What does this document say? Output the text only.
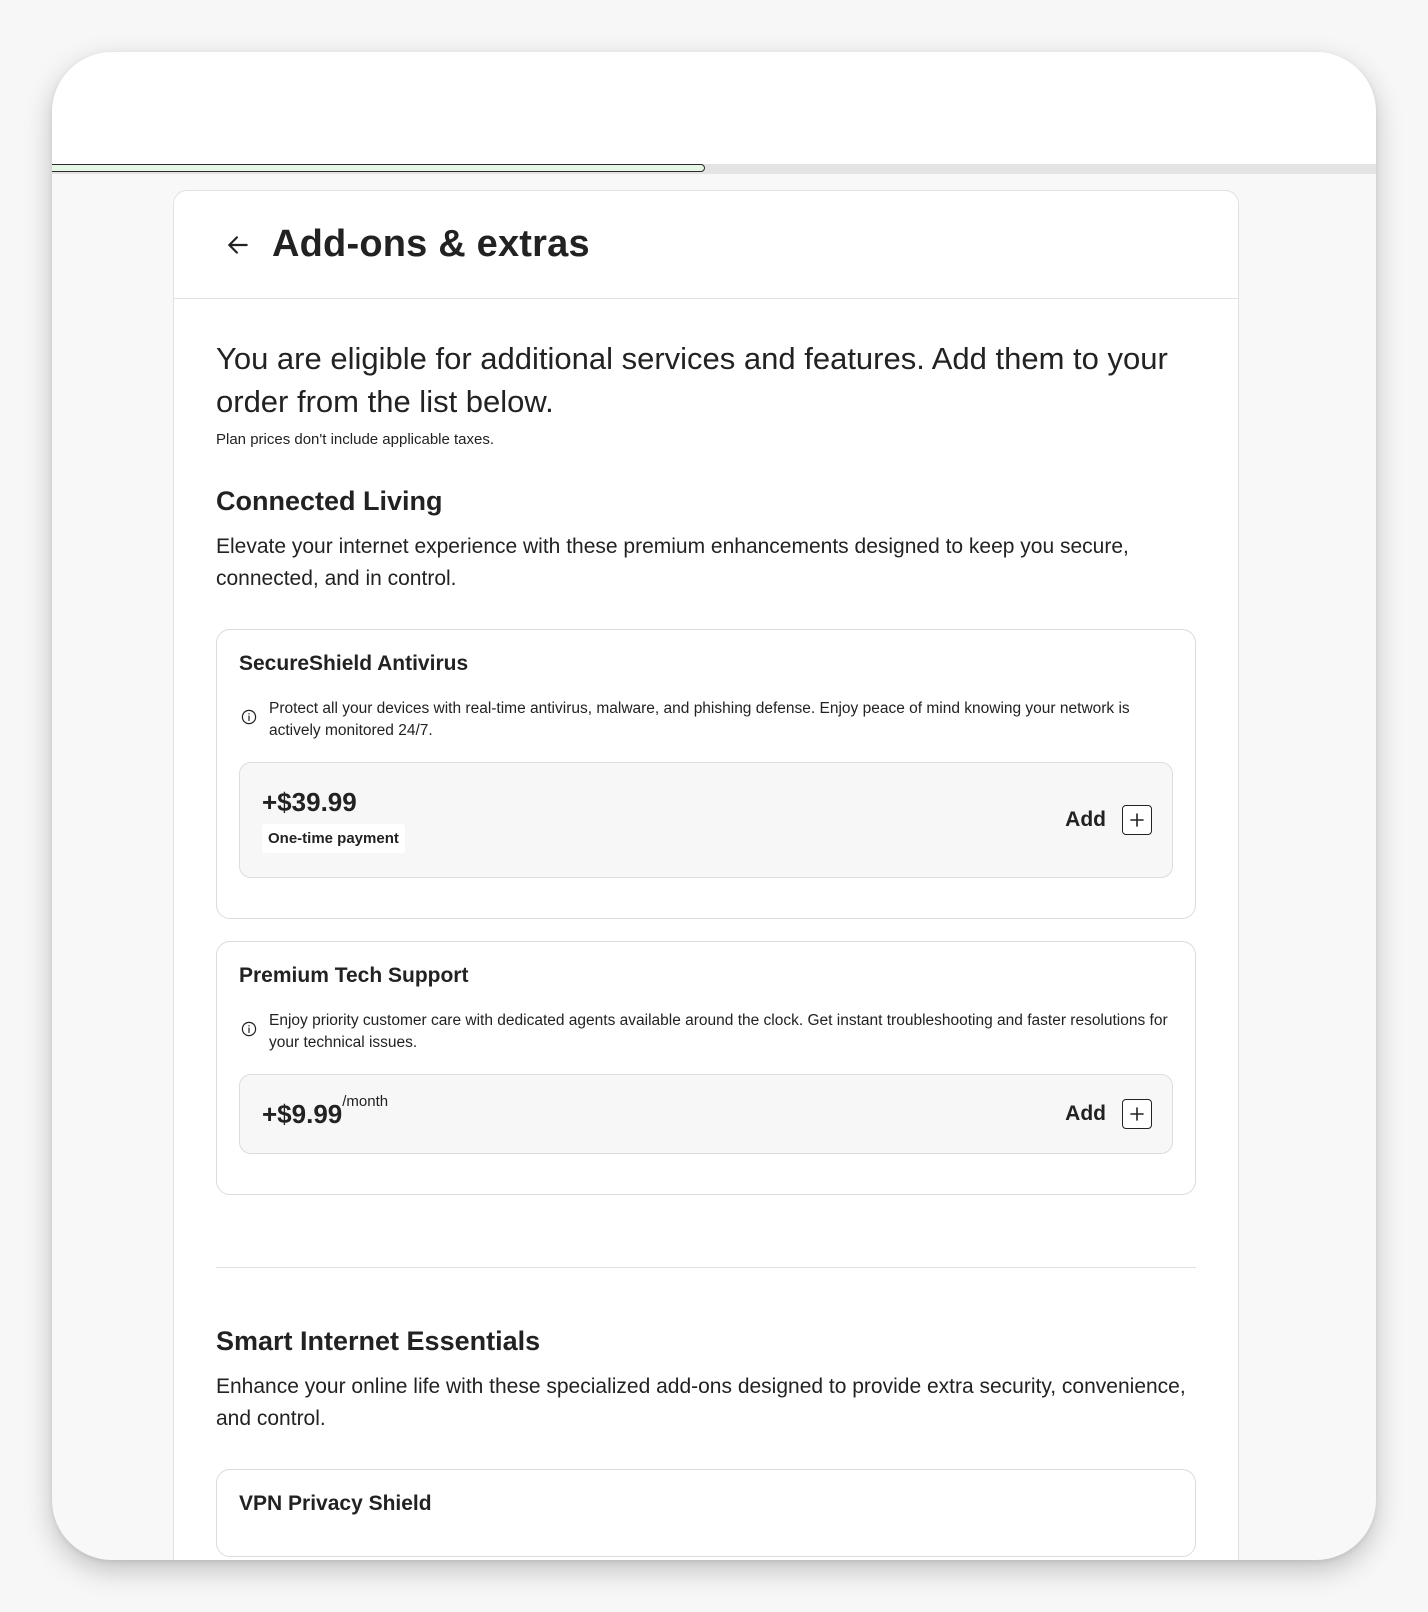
Add-ons & extras

You are eligible for additional services and features. Add them to your order from the list below.

Plan prices don't include applicable taxes.

Connected Living

Elevate your internet experience with these premium enhancements designed to keep you secure, connected, and in control.

SecureShield Antivirus

Protect all your devices with real-time antivirus, malware, and phishing defense. Enjoy peace of mind knowing your network is actively monitored 24/7.

+$39.99
One-time payment
Add
Premium Tech Support

Enjoy priority customer care with dedicated agents available around the clock. Get instant troubleshooting and faster resolutions for your technical issues.

$+\$9.99^{/month}$
Add
Smart Internet Essentials

Enhance your online life with these specialized add-ons designed to provide extra security, convenience, and control.

VPN Privacy Shield
